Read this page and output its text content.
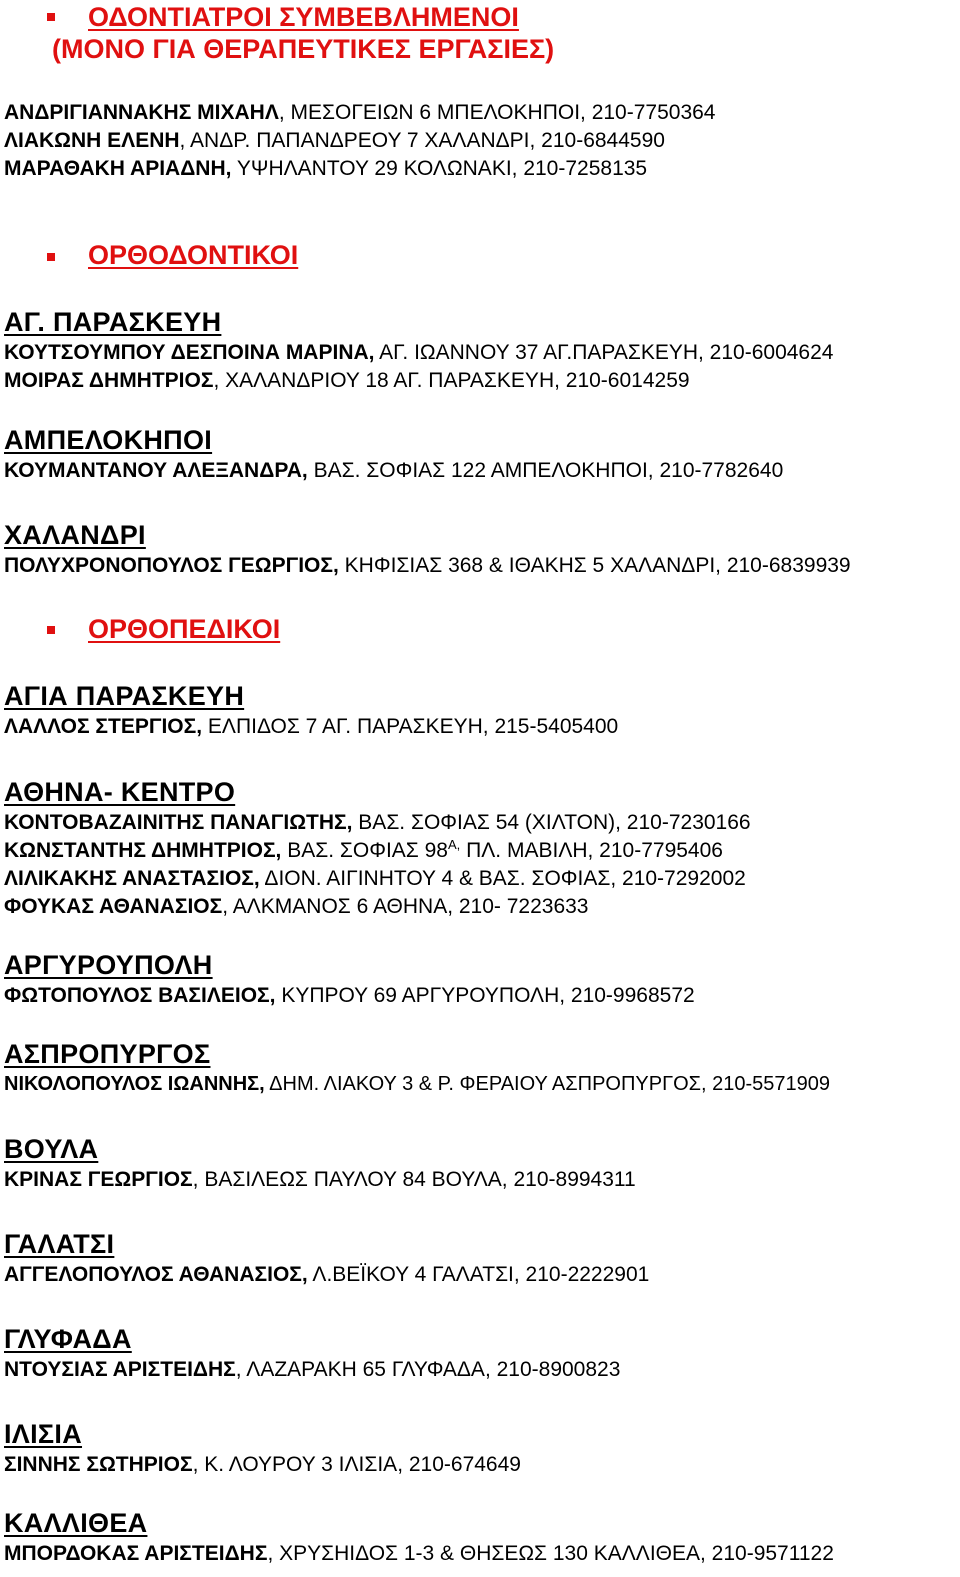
ΟΔΟΝΤΙΑΤΡΟΙ ΣΥΜΒΕΒΛΗΜΕΝΟΙ
(ΜΟΝΟ ΓΙΑ ΘΕΡΑΠΕΥΤΙΚΕΣ ΕΡΓΑΣΙΕΣ)
ΑΝΔΡΙΓΙΑΝΝΑΚΗΣ ΜΙΧΑΗΛ, ΜΕΣΟΓΕΙΩΝ 6 ΜΠΕΛΟΚΗΠΟΙ, 210-7750364
ΛΙΑΚΩΝΗ ΕΛΕΝΗ, ΑΝΔΡ. ΠΑΠΑΝΔΡΕΟΥ 7 ΧΑΛΑΝΔΡΙ, 210-6844590
ΜΑΡΑΘΑΚΗ ΑΡΙΑΔΝΗ, ΥΨΗΛΑΝΤΟΥ 29 ΚΟΛΩΝΑΚΙ, 210-7258135
ΟΡΘΟΔΟΝΤΙΚΟΙ
ΑΓ. ΠΑΡΑΣΚΕΥΗ
ΚΟΥΤΣΟΥΜΠΟΥ ΔΕΣΠΟΙΝΑ ΜΑΡΙΝΑ, ΑΓ. ΙΩΑΝΝΟΥ 37 ΑΓ.ΠΑΡΑΣΚΕΥΗ, 210-6004624
ΜΟΙΡΑΣ ΔΗΜΗΤΡΙΟΣ, ΧΑΛΑΝΔΡΙΟΥ 18 ΑΓ. ΠΑΡΑΣΚΕΥΗ, 210-6014259
ΑΜΠΕΛΟΚΗΠΟΙ
ΚΟΥΜΑΝΤΑΝΟΥ ΑΛΕΞΑΝΔΡΑ, ΒΑΣ. ΣΟΦΙΑΣ 122 ΑΜΠΕΛΟΚΗΠΟΙ, 210-7782640
ΧΑΛΑΝΔΡΙ
ΠΟΛΥΧΡΟΝΟΠΟΥΛΟΣ ΓΕΩΡΓΙΟΣ, ΚΗΦΙΣΙΑΣ 368 & ΙΘΑΚΗΣ 5 ΧΑΛΑΝΔΡΙ, 210-6839939
ΟΡΘΟΠΕΔΙΚΟΙ
ΑΓΙΑ ΠΑΡΑΣΚΕΥΗ
ΛΑΛΛΟΣ ΣΤΕΡΓΙΟΣ, ΕΛΠΙΔΟΣ 7 ΑΓ. ΠΑΡΑΣΚΕΥΗ, 215-5405400
ΑΘΗΝΑ- ΚΕΝΤΡΟ
ΚΟΝΤΟΒΑΖΑΙΝΙΤΗΣ ΠΑΝΑΓΙΩΤΗΣ, ΒΑΣ. ΣΟΦΙΑΣ 54 (ΧΙΛΤΟΝ), 210-7230166
ΚΩΝΣΤΑΝΤΗΣ ΔΗΜΗΤΡΙΟΣ, ΒΑΣ. ΣΟΦΙΑΣ $98^{A,}$ ΠΛ. ΜΑΒΙΛΗ, 210-7795406
ΛΙΛΙΚΑΚΗΣ ΑΝΑΣΤΑΣΙΟΣ, ΔΙΟΝ. ΑΙΓΙΝΗΤΟΥ 4 & ΒΑΣ. ΣΟΦΙΑΣ, 210-7292002
ΦΟΥΚΑΣ ΑΘΑΝΑΣΙΟΣ, ΑΛΚΜΑΝΟΣ 6 ΑΘΗΝΑ, 210- 7223633
ΑΡΓΥΡΟΥΠΟΛΗ
ΦΩΤΟΠΟΥΛΟΣ ΒΑΣΙΛΕΙΟΣ, ΚΥΠΡΟΥ 69 ΑΡΓΥΡΟΥΠΟΛΗ, 210-9968572
ΑΣΠΡΟΠΥΡΓΟΣ
ΝΙΚΟΛΟΠΟΥΛΟΣ ΙΩΑΝΝΗΣ, ΔΗΜ. ΛΙΑΚΟΥ 3 & Ρ. ΦΕΡΑΙΟΥ ΑΣΠΡΟΠΥΡΓΟΣ, 210-5571909
ΒΟΥΛΑ
ΚΡΙΝΑΣ ΓΕΩΡΓΙΟΣ, ΒΑΣΙΛΕΩΣ ΠΑΥΛΟΥ 84 ΒΟΥΛΑ, 210-8994311
ΓΑΛΑΤΣΙ
ΑΓΓΕΛΟΠΟΥΛΟΣ ΑΘΑΝΑΣΙΟΣ, Λ.ΒΕΪΚΟΥ 4 ΓΑΛΑΤΣΙ, 210-2222901
ΓΛΥΦΑΔΑ
ΝΤΟΥΣΙΑΣ ΑΡΙΣΤΕΙΔΗΣ, ΛΑΖΑΡΑΚΗ 65 ΓΛΥΦΑΔΑ, 210-8900823
ΙΛΙΣΙΑ
ΣΙΝΝΗΣ ΣΩΤΗΡΙΟΣ, Κ. ΛΟΥΡΟΥ 3 ΙΛΙΣΙΑ, 210-674649
ΚΑΛΛΙΘΕΑ
ΜΠΟΡΔΟΚΑΣ ΑΡΙΣΤΕΙΔΗΣ, ΧΡΥΣΗΙΔΟΣ 1-3 & ΘΗΣΕΩΣ 130 ΚΑΛΛΙΘΕΑ, 210-9571122
